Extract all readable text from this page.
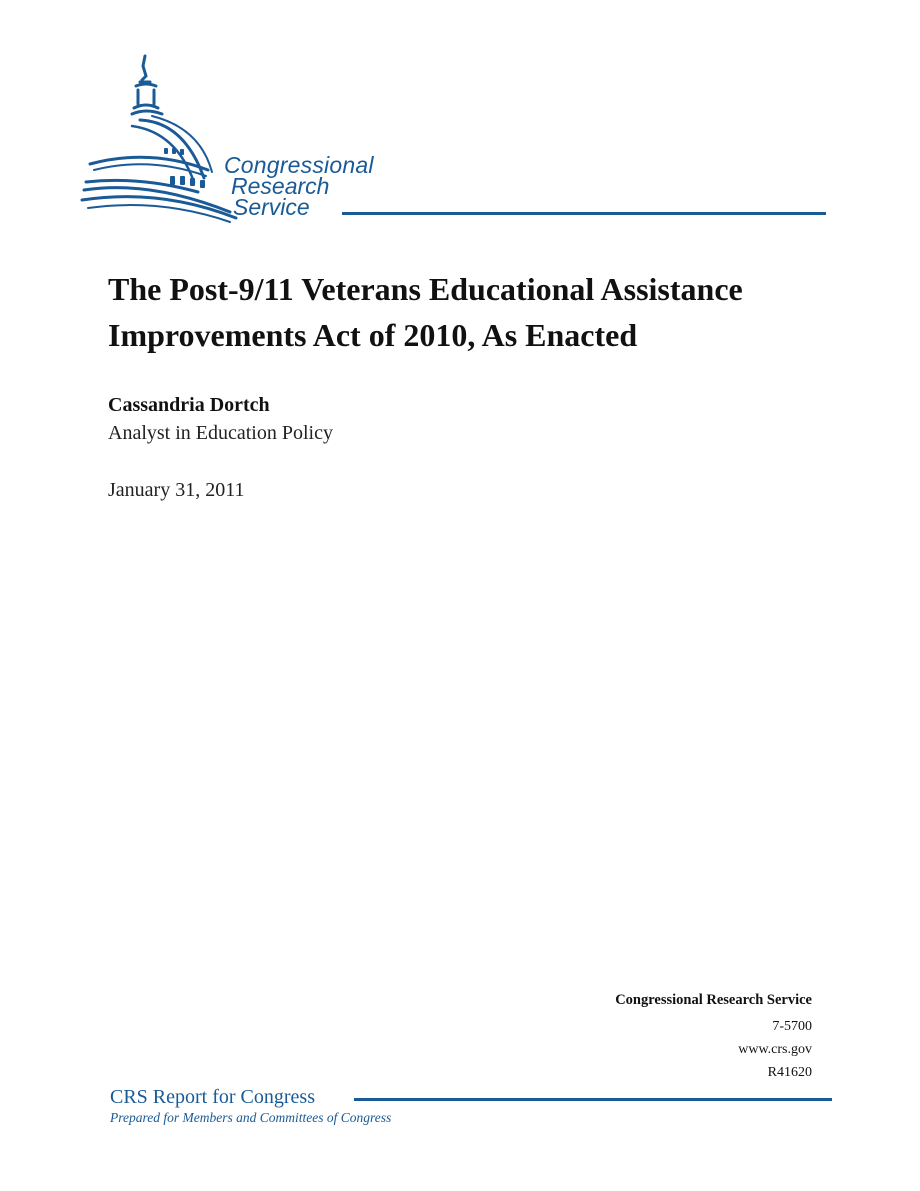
Congressional
Research
Service
The Post-9/11 Veterans Educational Assistance
Improvements Act of 2010, As Enacted
Cassandria Dortch
Analyst in Education Policy
January 31, 2011
Congressional Research Service
7-5700
www.crs.gov
R41620
CRS Report for Congress
Prepared for Members and Committees of Congress
